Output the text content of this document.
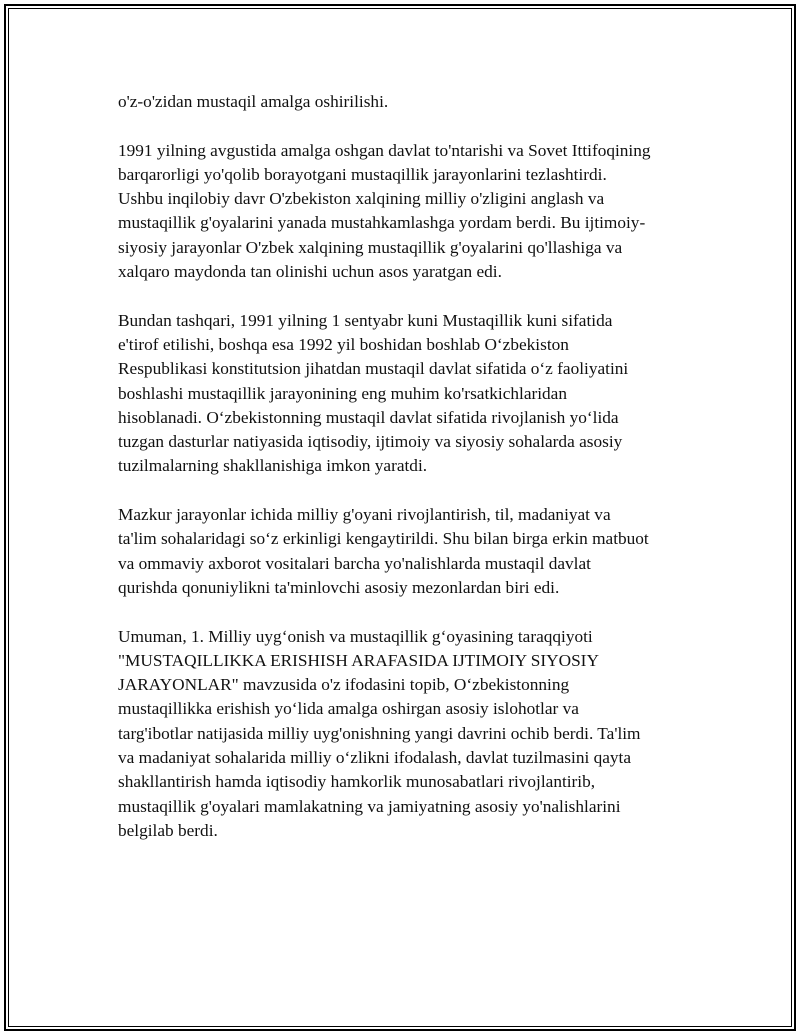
o'z-o'zidan mustaqil amalga oshirilishi.

1991 yilning avgustida amalga oshgan davlat to'ntarishi va Sovet Ittifoqining
barqarorligi yo'qolib borayotgani mustaqillik jarayonlarini tezlashtirdi.
Ushbu inqilobiy davr O'zbekiston xalqining milliy o'zligini anglash va
mustaqillik g'oyalarini yanada mustahkamlashga yordam berdi. Bu ijtimoiy-
siyosiy jarayonlar O'zbek xalqining mustaqillik g'oyalarini qo'llashiga va
xalqaro maydonda tan olinishi uchun asos yaratgan edi.

Bundan tashqari, 1991 yilning 1 sentyabr kuni Mustaqillik kuni sifatida
e'tirof etilishi, boshqa esa 1992 yil boshidan boshlab O‘zbekiston
Respublikasi konstitutsion jihatdan mustaqil davlat sifatida o‘z faoliyatini
boshlashi mustaqillik jarayonining eng muhim ko'rsatkichlaridan
hisoblanadi. O‘zbekistonning mustaqil davlat sifatida rivojlanish yo‘lida
tuzgan dasturlar natiyasida iqtisodiy, ijtimoiy va siyosiy sohalarda asosiy
tuzilmalarning shakllanishiga imkon yaratdi.

Mazkur jarayonlar ichida milliy g'oyani rivojlantirish, til, madaniyat va
ta'lim sohalaridagi so‘z erkinligi kengaytirildi. Shu bilan birga erkin matbuot
va ommaviy axborot vositalari barcha yo'nalishlarda mustaqil davlat
qurishda qonuniylikni ta'minlovchi asosiy mezonlardan biri edi.

Umuman, 1. Milliy uyg‘onish va mustaqillik g‘oyasining taraqqiyoti
"MUSTAQILLIKKA ERISHISH ARAFASIDA IJTIMOIY SIYOSIY
JARAYONLAR" mavzusida o'z ifodasini topib, O‘zbekistonning
mustaqillikka erishish yo‘lida amalga oshirgan asosiy islohotlar va
targ'ibotlar natijasida milliy uyg'onishning yangi davrini ochib berdi. Ta'lim
va madaniyat sohalarida milliy o‘zlikni ifodalash, davlat tuzilmasini qayta
shakllantirish hamda iqtisodiy hamkorlik munosabatlari rivojlantirib,
mustaqillik g'oyalari mamlakatning va jamiyatning asosiy yo'nalishlarini
belgilab berdi.
